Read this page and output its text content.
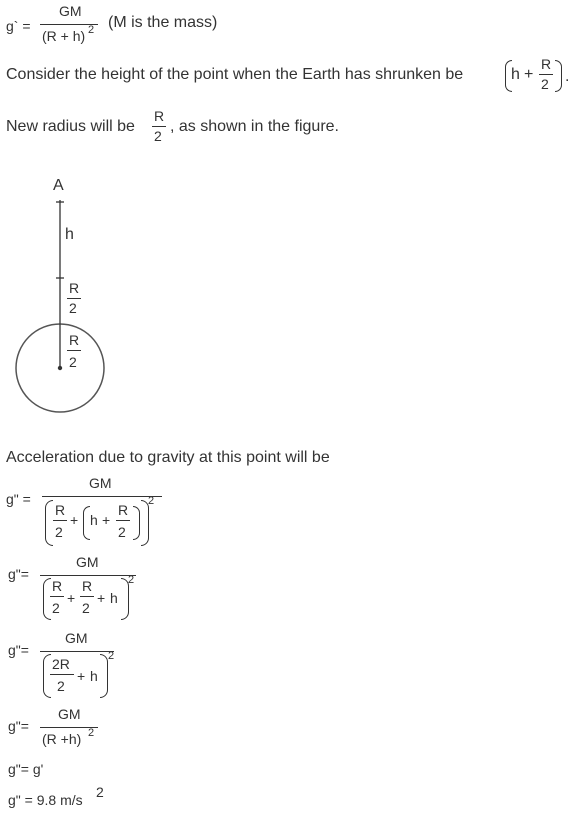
g` =
GM
(R + h) 2 (M is the mass)
Consider the height of the point when the Earth has shrunken be	h +
R
2 .
New radius will be
R
2
, as shown in the figure.
A
h
R
2
R
2
Acceleration due to gravity at this point will be
g" =
GM
R
2
+ h +
R
2
2
g"=
GM
R
2
+
R
2
+ h
2
g"=
GM
2R
2
+ h
2
g"=
GM
(R +h) 2
g"= g'
g" = 9.8 m/s 2
